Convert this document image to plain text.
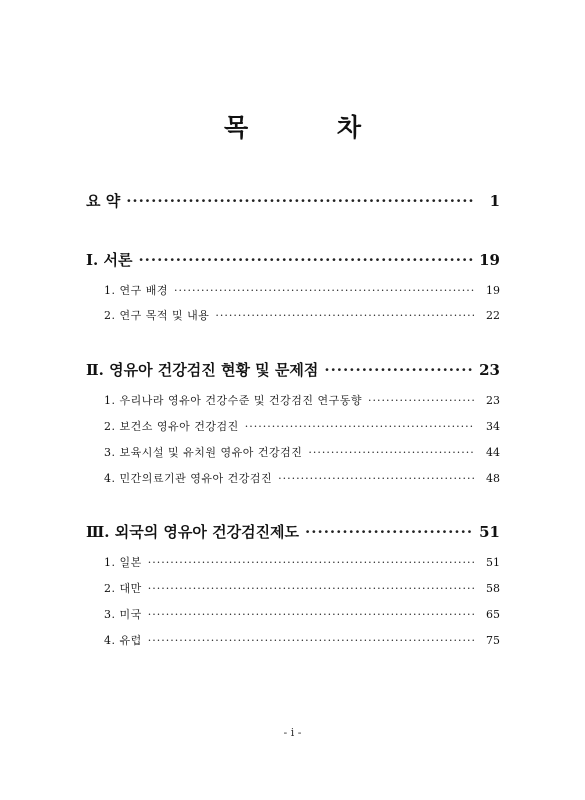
목 차
요 약 ·····	1
Ⅰ. 서론 ·····	19
1. 연구 배경 ·····	19
2. 연구 목적 및 내용 ·····	22
Ⅱ. 영유아 건강검진 현황 및 문제점 ·····	23
1. 우리나라 영유아 건강수준 및 건강검진 연구동향 ·····	23
2. 보건소 영유아 건강검진 ·····	34
3. 보육시설 및 유치원 영유아 건강검진 ·····	44
4. 민간의료기관 영유아 건강검진 ·····	48
Ⅲ. 외국의 영유아 건강검진제도 ·····	51
1. 일본 ·····	51
2. 대만 ·····	58
3. 미국 ·····	65
4. 유럽 ·····	75
- i -
